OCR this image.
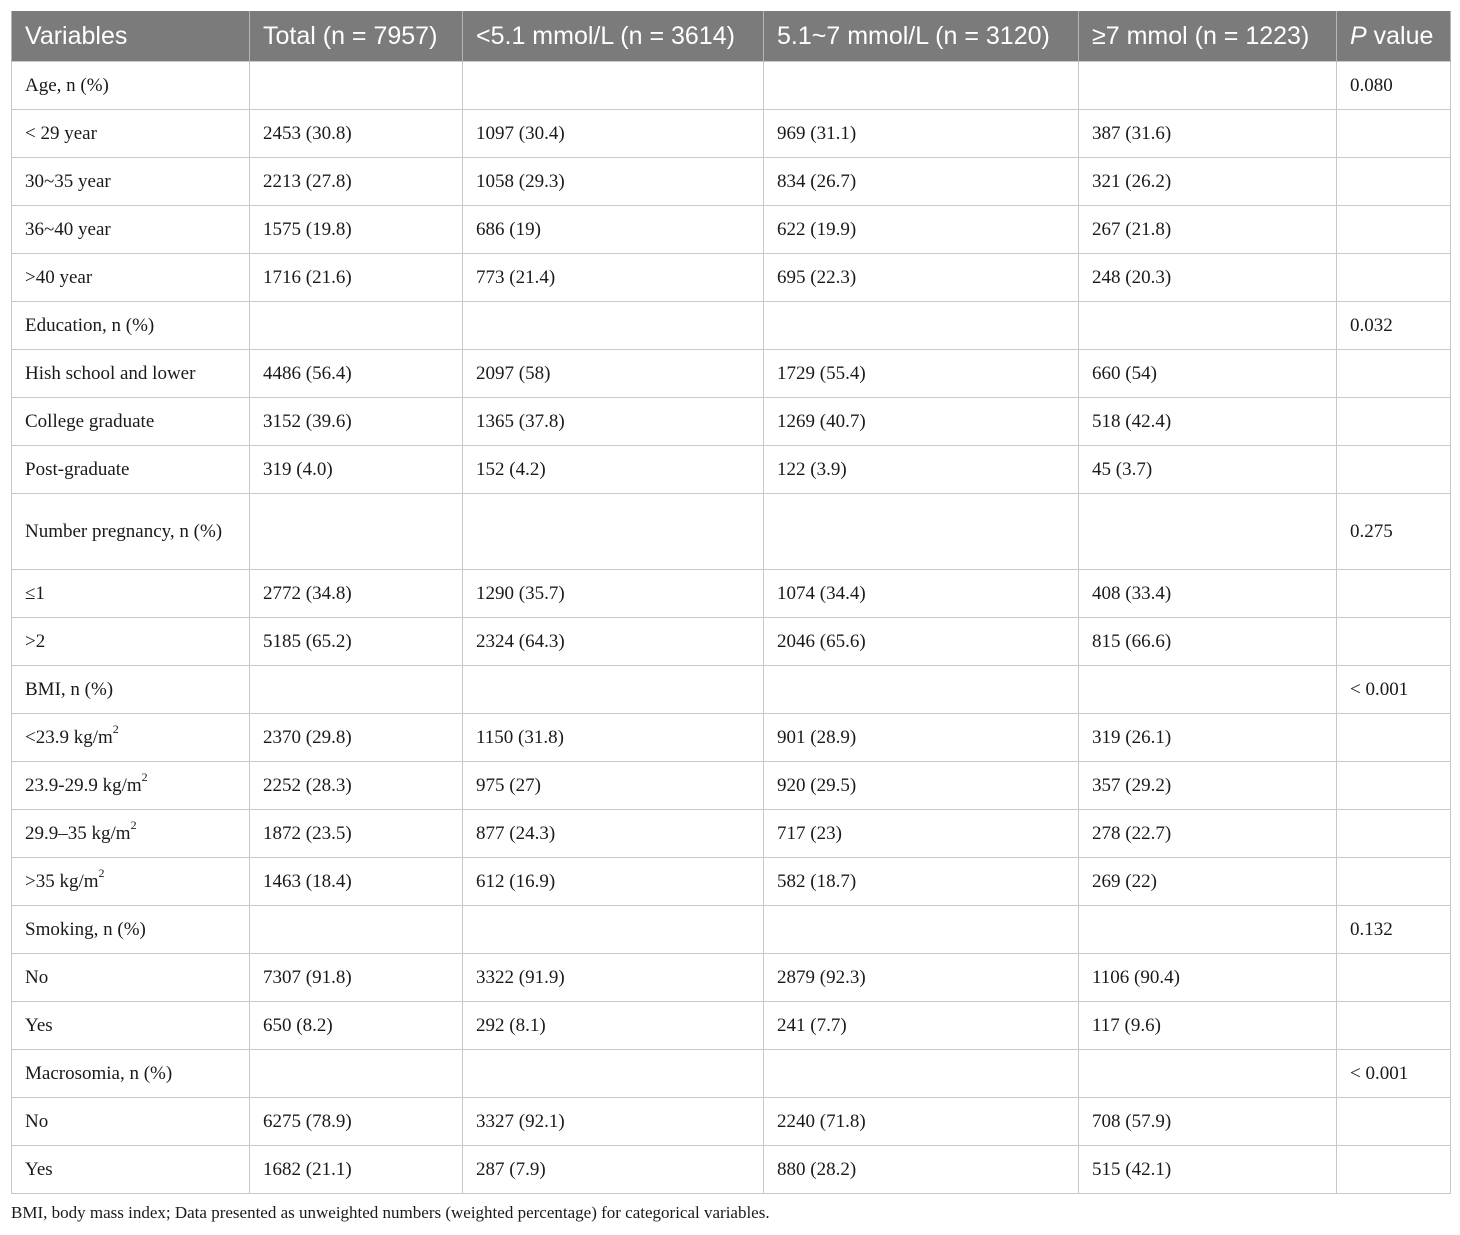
Variables	Total (n = 7957)	<5.1 mmol/L (n = 3614)	5.1~7 mmol/L (n = 3120)	≥7 mmol (n = 1223)	P value
Age, n (%)					0.080
< 29 year	2453 (30.8)	1097 (30.4)	969 (31.1)	387 (31.6)	
30~35 year	2213 (27.8)	1058 (29.3)	834 (26.7)	321 (26.2)	
36~40 year	1575 (19.8)	686 (19)	622 (19.9)	267 (21.8)	
>40 year	1716 (21.6)	773 (21.4)	695 (22.3)	248 (20.3)	
Education, n (%)					0.032
Hish school and lower	4486 (56.4)	2097 (58)	1729 (55.4)	660 (54)	
College graduate	3152 (39.6)	1365 (37.8)	1269 (40.7)	518 (42.4)	
Post-graduate	319 (4.0)	152 (4.2)	122 (3.9)	45 (3.7)	
Number pregnancy, n (%)					0.275
≤1	2772 (34.8)	1290 (35.7)	1074 (34.4)	408 (33.4)	
>2	5185 (65.2)	2324 (64.3)	2046 (65.6)	815 (66.6)	
BMI, n (%)					< 0.001
<23.9 $kg/m^2$	2370 (29.8)	1150 (31.8)	901 (28.9)	319 (26.1)	
23.9-29.9 $kg/m^2$	2252 (28.3)	975 (27)	920 (29.5)	357 (29.2)	
29.9–35 $kg/m^2$	1872 (23.5)	877 (24.3)	717 (23)	278 (22.7)	
>35 $kg/m^2$	1463 (18.4)	612 (16.9)	582 (18.7)	269 (22)	
Smoking, n (%)					0.132
No	7307 (91.8)	3322 (91.9)	2879 (92.3)	1106 (90.4)	
Yes	650 (8.2)	292 (8.1)	241 (7.7)	117 (9.6)	
Macrosomia, n (%)					< 0.001
No	6275 (78.9)	3327 (92.1)	2240 (71.8)	708 (57.9)	
Yes	1682 (21.1)	287 (7.9)	880 (28.2)	515 (42.1)	
BMI, body mass index; Data presented as unweighted numbers (weighted percentage) for categorical variables.
